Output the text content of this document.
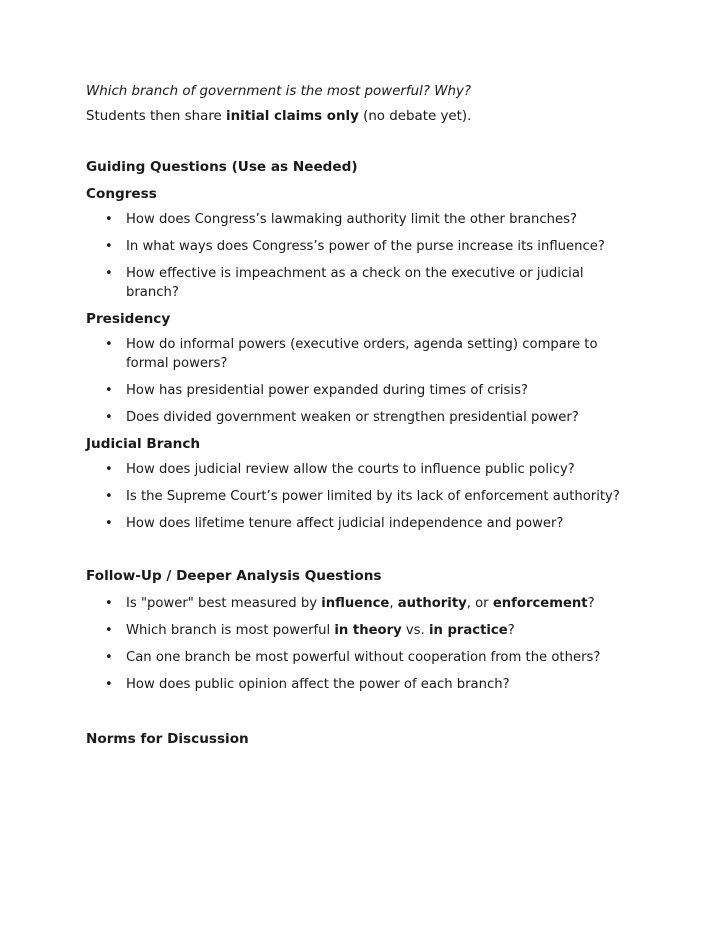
Which branch of government is the most powerful? Why?

Students then share initial claims only (no debate yet).

Guiding Questions (Use as Needed)

Congress

• How does Congress’s lawmaking authority limit the other branches?
• In what ways does Congress’s power of the purse increase its influence?
• How effective is impeachment as a check on the executive or judicial branch?

Presidency

• How do informal powers (executive orders, agenda setting) compare to formal powers?
• How has presidential power expanded during times of crisis?
• Does divided government weaken or strengthen presidential power?

Judicial Branch

• How does judicial review allow the courts to influence public policy?
• Is the Supreme Court’s power limited by its lack of enforcement authority?
• How does lifetime tenure affect judicial independence and power?

Follow-Up / Deeper Analysis Questions

• Is "power" best measured by influence, authority, or enforcement?
• Which branch is most powerful in theory vs. in practice?
• Can one branch be most powerful without cooperation from the others?
• How does public opinion affect the power of each branch?

Norms for Discussion
